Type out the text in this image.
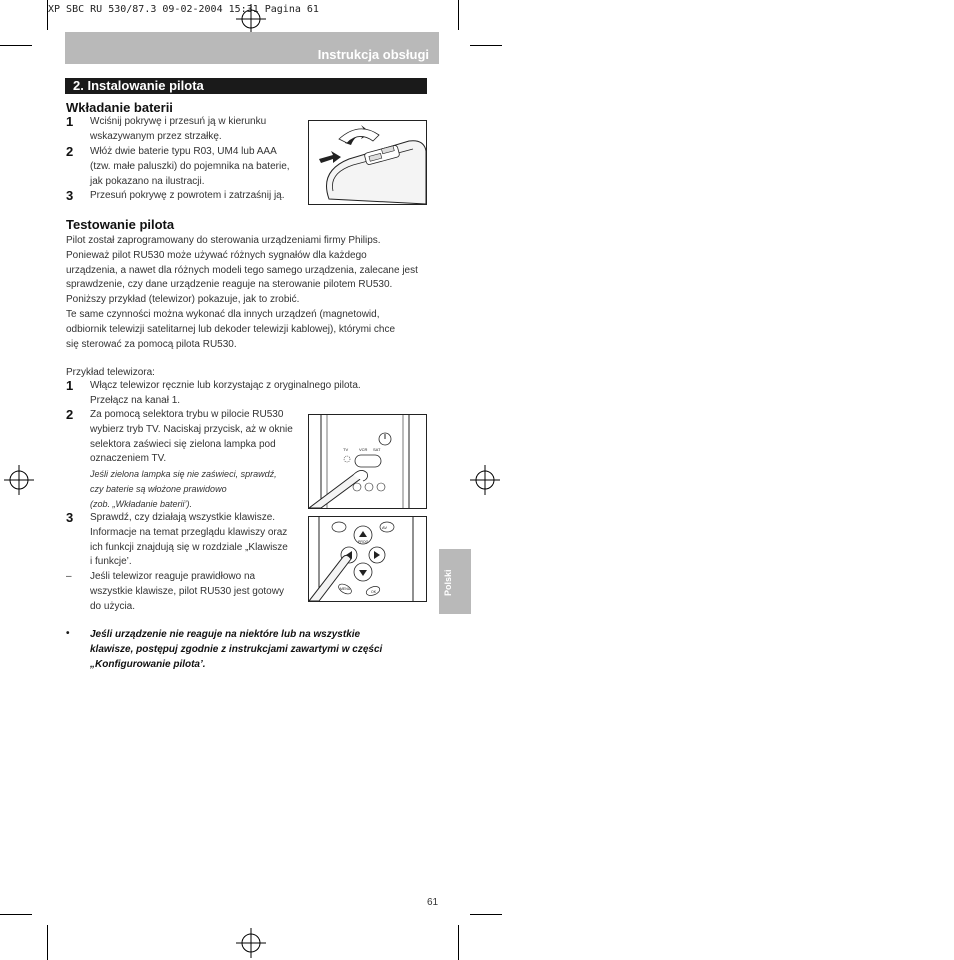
XP SBC RU 530/87.3 09-02-2004 15:31 Pagina 61
Instrukcja obsługi
2. Instalowanie pilota
Wkładanie baterii
1 Wciśnij pokrywę i przesuń ją w kierunku
wskazywanym przez strzałkę.
2 Włóż dwie baterie typu R03, UM4 lub AAA
(tzw. małe paluszki) do pojemnika na baterie,
jak pokazano na ilustracji.
3 Przesuń pokrywę z powrotem i zatrzaśnij ją.
Testowanie pilota
Pilot został zaprogramowany do sterowania urządzeniami firmy Philips.
Ponieważ pilot RU530 może używać różnych sygnałów dla każdego
urządzenia, a nawet dla różnych modeli tego samego urządzenia, zalecane jest
sprawdzenie, czy dane urządzenie reaguje na sterowanie pilotem RU530.
Poniższy przykład (telewizor) pokazuje, jak to zrobić.
Te same czynności można wykonać dla innych urządzeń (magnetowid,
odbiornik telewizji satelitarnej lub dekoder telewizji kablowej), którymi chce
się sterować za pomocą pilota RU530.
Przykład telewizora:
1 Włącz telewizor ręcznie lub korzystając z oryginalnego pilota.
Przełącz na kanał 1.
2 Za pomocą selektora trybu w pilocie RU530
wybierz tryb TV. Naciskaj przycisk, aż w oknie
selektora zaświeci się zielona lampka pod
oznaczeniem TV.
Jeśli zielona lampka się nie zaświeci, sprawdź,
czy baterie są włożone prawidowo
(zob. „Wkładanie baterii’).
3 Sprawdź, czy działają wszystkie klawisze.
Informacje na temat przeglądu klawiszy oraz
ich funkcji znajdują się w rozdziale „Klawisze
i funkcje’.
– Jeśli telewizor reaguje prawidłowo na
wszystkie klawisze, pilot RU530 jest gotowy
do użycia.
TV	VCR SAT
AV
PROG
MENU
OK	Polski
• Jeśli urządzenie nie reaguje na niektóre lub na wszystkie
klawisze, postępuj zgodnie z instrukcjami zawartymi w części
„Konfigurowanie pilota’.
61
